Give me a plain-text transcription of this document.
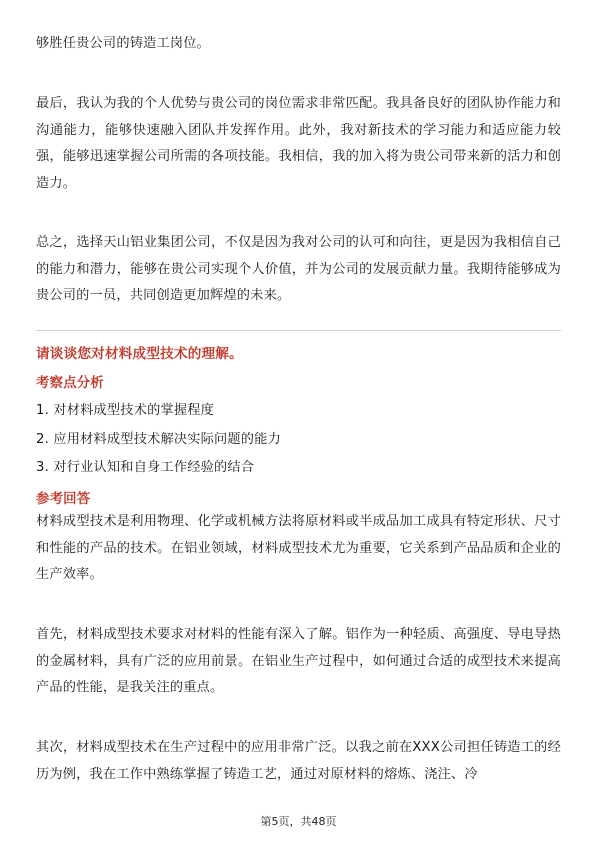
够胜任贵公司的铸造工岗位。

最后，我认为我的个人优势与贵公司的岗位需求非常匹配。我具备良好的团队协作能力和沟通能力，能够快速融入团队并发挥作用。此外，我对新技术的学习能力和适应能力较强，能够迅速掌握公司所需的各项技能。我相信，我的加入将为贵公司带来新的活力和创造力。

总之，选择天山铝业集团公司，不仅是因为我对公司的认可和向往，更是因为我相信自己的能力和潜力，能够在贵公司实现个人价值，并为公司的发展贡献力量。我期待能够成为贵公司的一员，共同创造更加辉煌的未来。

请谈谈您对材料成型技术的理解。
考察点分析
1. 对材料成型技术的掌握程度
2. 应用材料成型技术解决实际问题的能力
3. 对行业认知和自身工作经验的结合
参考回答

材料成型技术是利用物理、化学或机械方法将原材料或半成品加工成具有特定形状、尺寸和性能的产品的技术。在铝业领域，材料成型技术尤为重要，它关系到产品品质和企业的生产效率。

首先，材料成型技术要求对材料的性能有深入了解。铝作为一种轻质、高强度、导电导热的金属材料，具有广泛的应用前景。在铝业生产过程中，如何通过合适的成型技术来提高产品的性能，是我关注的重点。

其次，材料成型技术在生产过程中的应用非常广泛。以我之前在XXX公司担任铸造工的经历为例，我在工作中熟练掌握了铸造工艺，通过对原材料的熔炼、浇注、冷

第5页，共48页
